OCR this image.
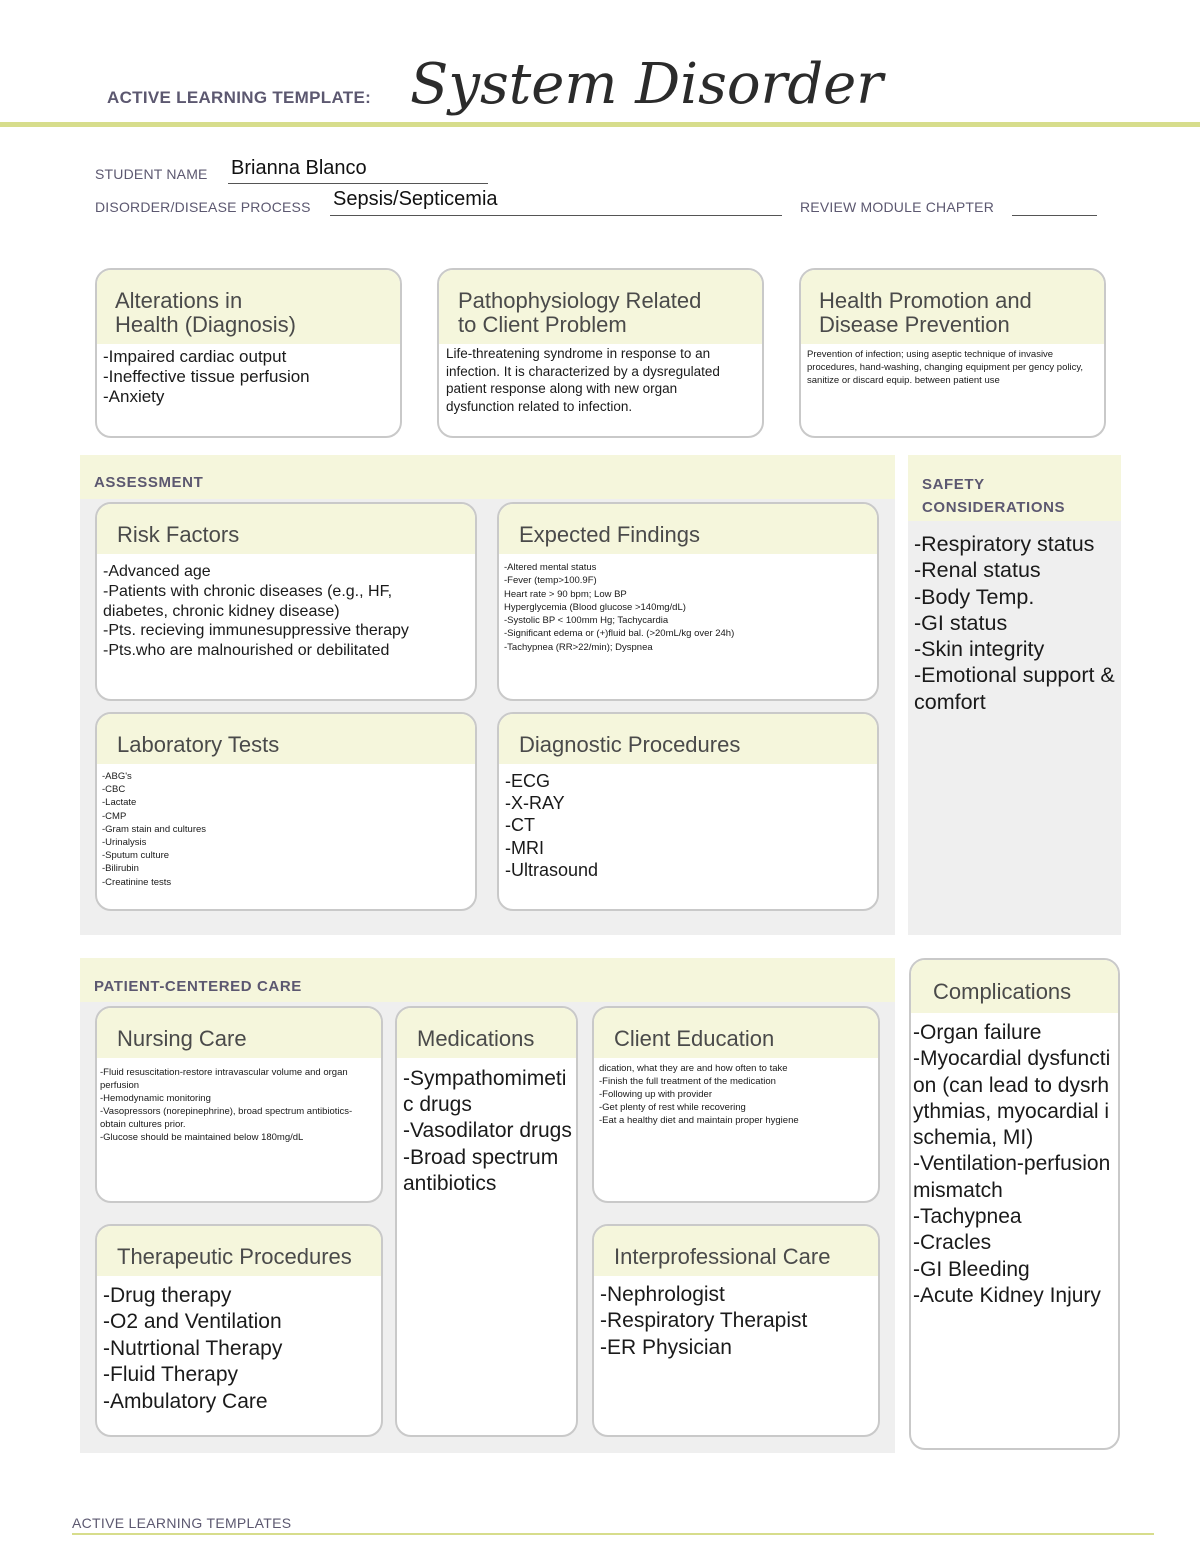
ACTIVE LEARNING TEMPLATE: System Disorder
STUDENT NAME Brianna Blanco
DISORDER/DISEASE PROCESS Sepsis/Septicemia	REVIEW MODULE CHAPTER
Alterations in
Health (Diagnosis)
-Impaired cardiac output
-Ineffective tissue perfusion
-Anxiety
Pathophysiology Related
to Client Problem
Life-threatening syndrome in response to an infection. It is characterized by a dysregulated patient response along with new organ dysfunction related to infection.
Health Promotion and
Disease Prevention
Prevention of infection; using aseptic technique of invasive procedures, hand-washing, changing equipment per gency policy, sanitize or discard equip. between patient use
ASSESSMENT
Risk Factors
-Advanced age
-Patients with chronic diseases (e.g., HF, diabetes, chronic kidney disease)
-Pts. recieving immunesuppressive therapy
-Pts.who are malnourished or debilitated
Expected Findings
-Altered mental status
-Fever (temp>100.9F)
Heart rate > 90 bpm; Low BP
Hyperglycemia (Blood glucose >140mg/dL)
-Systolic BP < 100mm Hg; Tachycardia
-Significant edema or (+)fluid bal. (>20mL/kg over 24h)
-Tachypnea (RR>22/min); Dyspnea
Laboratory Tests
-ABG's
-CBC
-Lactate
-CMP
-Gram stain and cultures
-Urinalysis
-Sputum culture
-Bilirubin
-Creatinine tests
Diagnostic Procedures
-ECG
-X-RAY
-CT
-MRI
-Ultrasound
SAFETY
CONSIDERATIONS
-Respiratory status
-Renal status
-Body Temp.
-GI status
-Skin integrity
-Emotional support & comfort
PATIENT-CENTERED CARE
Nursing Care
-Fluid resuscitation-restore intravascular volume and organ perfusion
-Hemodynamic monitoring
-Vasopressors (norepinephrine), broad spectrum antibiotics-obtain cultures prior.
-Glucose should be maintained below 180mg/dL
Medications
-Sympathomimetic drugs
-Vasodilator drugs
-Broad spectrum antibiotics
Client Education
dication, what they are and how often to take
-Finish the full treatment of the medication
-Following up with provider
-Get plenty of rest while recovering
-Eat a healthy diet and maintain proper hygiene
Therapeutic Procedures
-Drug therapy
-O2 and Ventilation
-Nutrtional Therapy
-Fluid Therapy
-Ambulatory Care
Interprofessional Care
-Nephrologist
-Respiratory Therapist
-ER Physician
Complications
-Organ failure
-Myocardial dysfunction (can lead to dysrhythmias, myocardial ischemia, MI)
-Ventilation-perfusion mismatch
-Tachypnea
-Cracles
-GI Bleeding
-Acute Kidney Injury
ACTIVE LEARNING TEMPLATES
